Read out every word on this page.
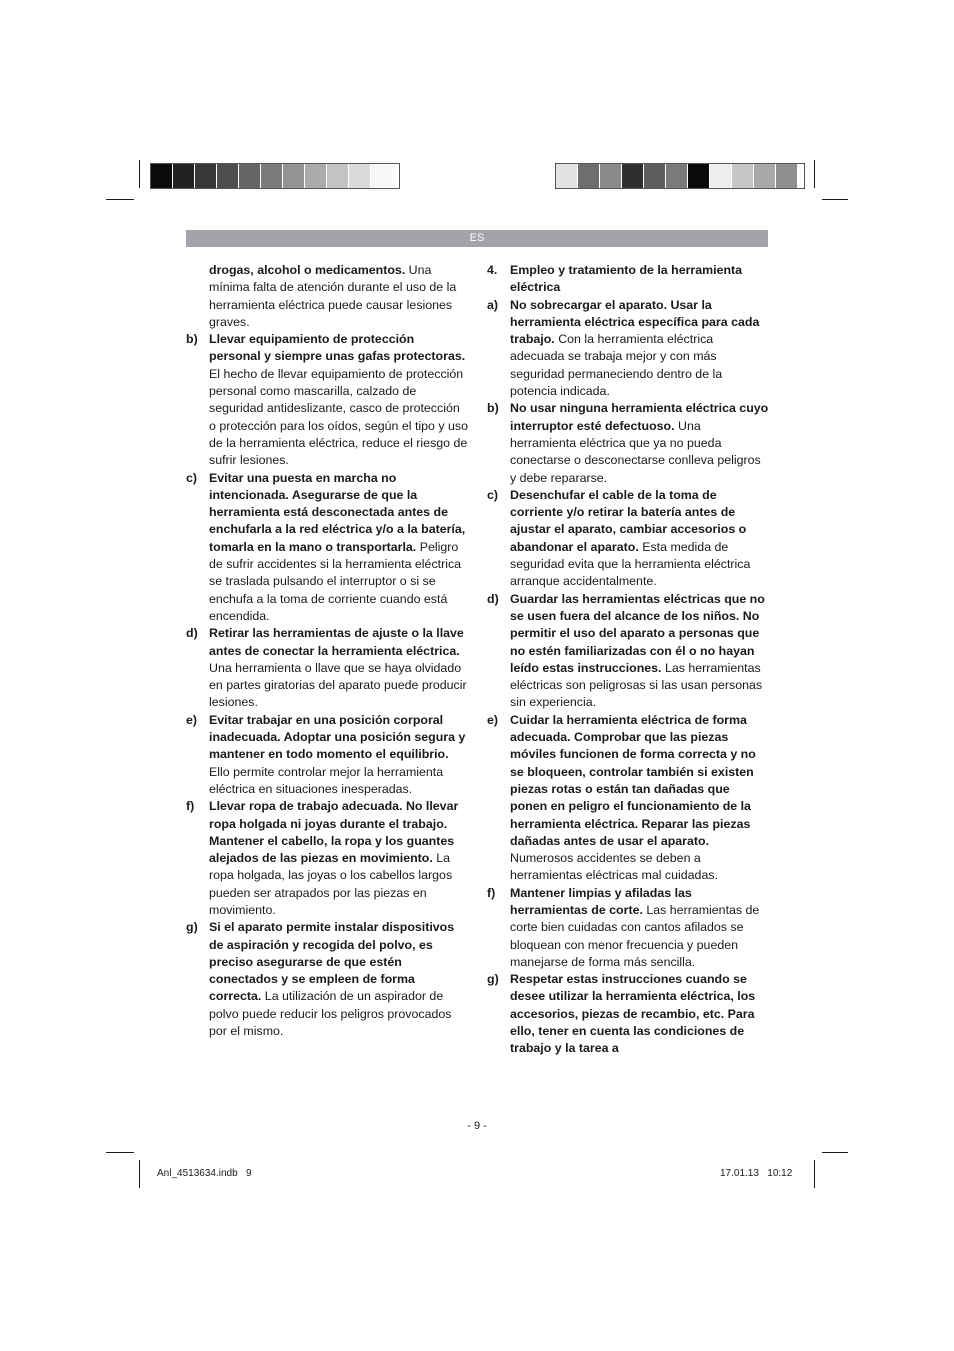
ES
drogas, alcohol o medicamentos. Una mínima falta de atención durante el uso de la herramienta eléctrica puede causar lesiones graves.
b) Llevar equipamiento de protección personal y siempre unas gafas protectoras. El hecho de llevar equipamiento de protección personal como mascarilla, calzado de seguridad antideslizante, casco de protección o protección para los oídos, según el tipo y uso de la herramienta eléctrica, reduce el riesgo de sufrir lesiones.
c) Evitar una puesta en marcha no intencionada. Asegurarse de que la herramienta está desconectada antes de enchufarla a la red eléctrica y/o a la batería, tomarla en la mano o transportarla. Peligro de sufrir accidentes si la herramienta eléctrica se traslada pulsando el interruptor o si se enchufa a la toma de corriente cuando está encendida.
d) Retirar las herramientas de ajuste o la llave antes de conectar la herramienta eléctrica. Una herramienta o llave que se haya olvidado en partes giratorias del aparato puede producir lesiones.
e) Evitar trabajar en una posición corporal inadecuada. Adoptar una posición segura y mantener en todo momento el equilibrio. Ello permite controlar mejor la herramienta eléctrica en situaciones inesperadas.
f) Llevar ropa de trabajo adecuada. No llevar ropa holgada ni joyas durante el trabajo. Mantener el cabello, la ropa y los guantes alejados de las piezas en movimiento. La ropa holgada, las joyas o los cabellos largos pueden ser atrapados por las piezas en movimiento.
g) Si el aparato permite instalar dispositivos de aspiración y recogida del polvo, es preciso asegurarse de que estén conectados y se empleen de forma correcta. La utilización de un aspirador de polvo puede reducir los peligros provocados por el mismo.
4. Empleo y tratamiento de la herramienta eléctrica
a) No sobrecargar el aparato. Usar la herramienta eléctrica específica para cada trabajo. Con la herramienta eléctrica adecuada se trabaja mejor y con más seguridad permaneciendo dentro de la potencia indicada.
b) No usar ninguna herramienta eléctrica cuyo interruptor esté defectuoso. Una herramienta eléctrica que ya no pueda conectarse o desconectarse conlleva peligros y debe repararse.
c) Desenchufar el cable de la toma de corriente y/o retirar la batería antes de ajustar el aparato, cambiar accesorios o abandonar el aparato. Esta medida de seguridad evita que la herramienta eléctrica arranque accidentalmente.
d) Guardar las herramientas eléctricas que no se usen fuera del alcance de los niños. No permitir el uso del aparato a personas que no estén familiarizadas con él o no hayan leído estas instrucciones. Las herramientas eléctricas son peligrosas si las usan personas sin experiencia.
e) Cuidar la herramienta eléctrica de forma adecuada. Comprobar que las piezas móviles funcionen de forma correcta y no se bloqueen, controlar también si existen piezas rotas o están tan dañadas que ponen en peligro el funcionamiento de la herramienta eléctrica. Reparar las piezas dañadas antes de usar el aparato. Numerosos accidentes se deben a herramientas eléctricas mal cuidadas.
f) Mantener limpias y afiladas las herramientas de corte. Las herramientas de corte bien cuidadas con cantos afilados se bloquean con menor frecuencia y pueden manejarse de forma más sencilla.
g) Respetar estas instrucciones cuando se desee utilizar la herramienta eléctrica, los accesorios, piezas de recambio, etc. Para ello, tener en cuenta las condiciones de trabajo y la tarea a
- 9 -
Anl_4513634.indb   9	17.01.13   10:12
